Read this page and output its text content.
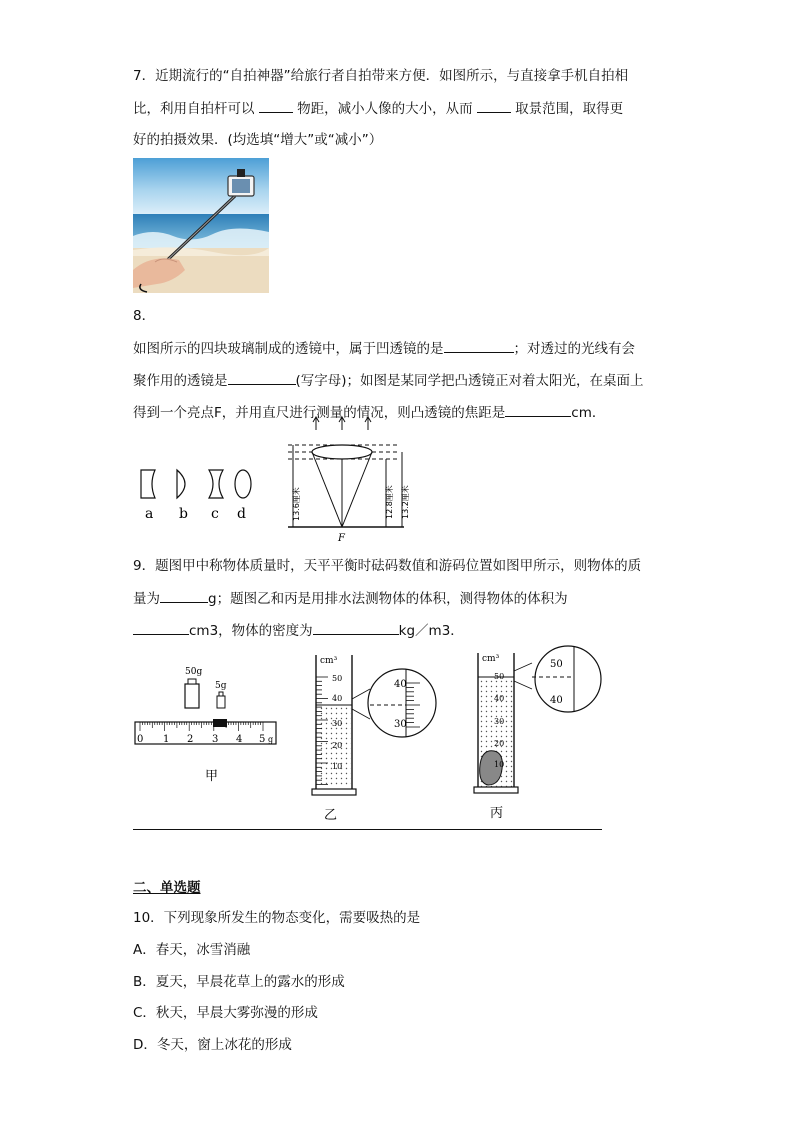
7．近期流行的“自拍神器”给旅行者自拍带来方便．如图所示，与直接拿手机自拍相
比，利用自拍杆可以	物距，减小人像的大小，从而	取景范围，取得更
好的拍摄效果．(均选填“增大”或“减小”）
8．
如图所示的四块玻璃制成的透镜中，属于凹透镜的是	；对透过的光线有会
聚作用的透镜是	(写字母)；如图是某同学把凸透镜正对着太阳光，在桌面上
得到一个亮点F，并用直尺进行测量的情况，则凸透镜的焦距是	cm．
a b c d
F
13.6厘米	12.8厘米 13.2厘米
9．题图甲中称物体质量时，天平平衡时砝码数值和游码位置如图甲所示，则物体的质
量为	g；题图乙和丙是用排水法测物体的体积，测得物体的体积为
cm3，物体的密度为	kg／m3．
50g
5g
0 1 2 3 4 5 g
甲
cm³
50
40
30
20
10
40
30
乙
cm³
50
40
30
20
10
50
40
丙
二、单选题
10．下列现象所发生的物态变化，需要吸热的是
A．春天，冰雪消融
B．夏天，早晨花草上的露水的形成
C．秋天，早晨大雾弥漫的形成
D．冬天，窗上冰花的形成
